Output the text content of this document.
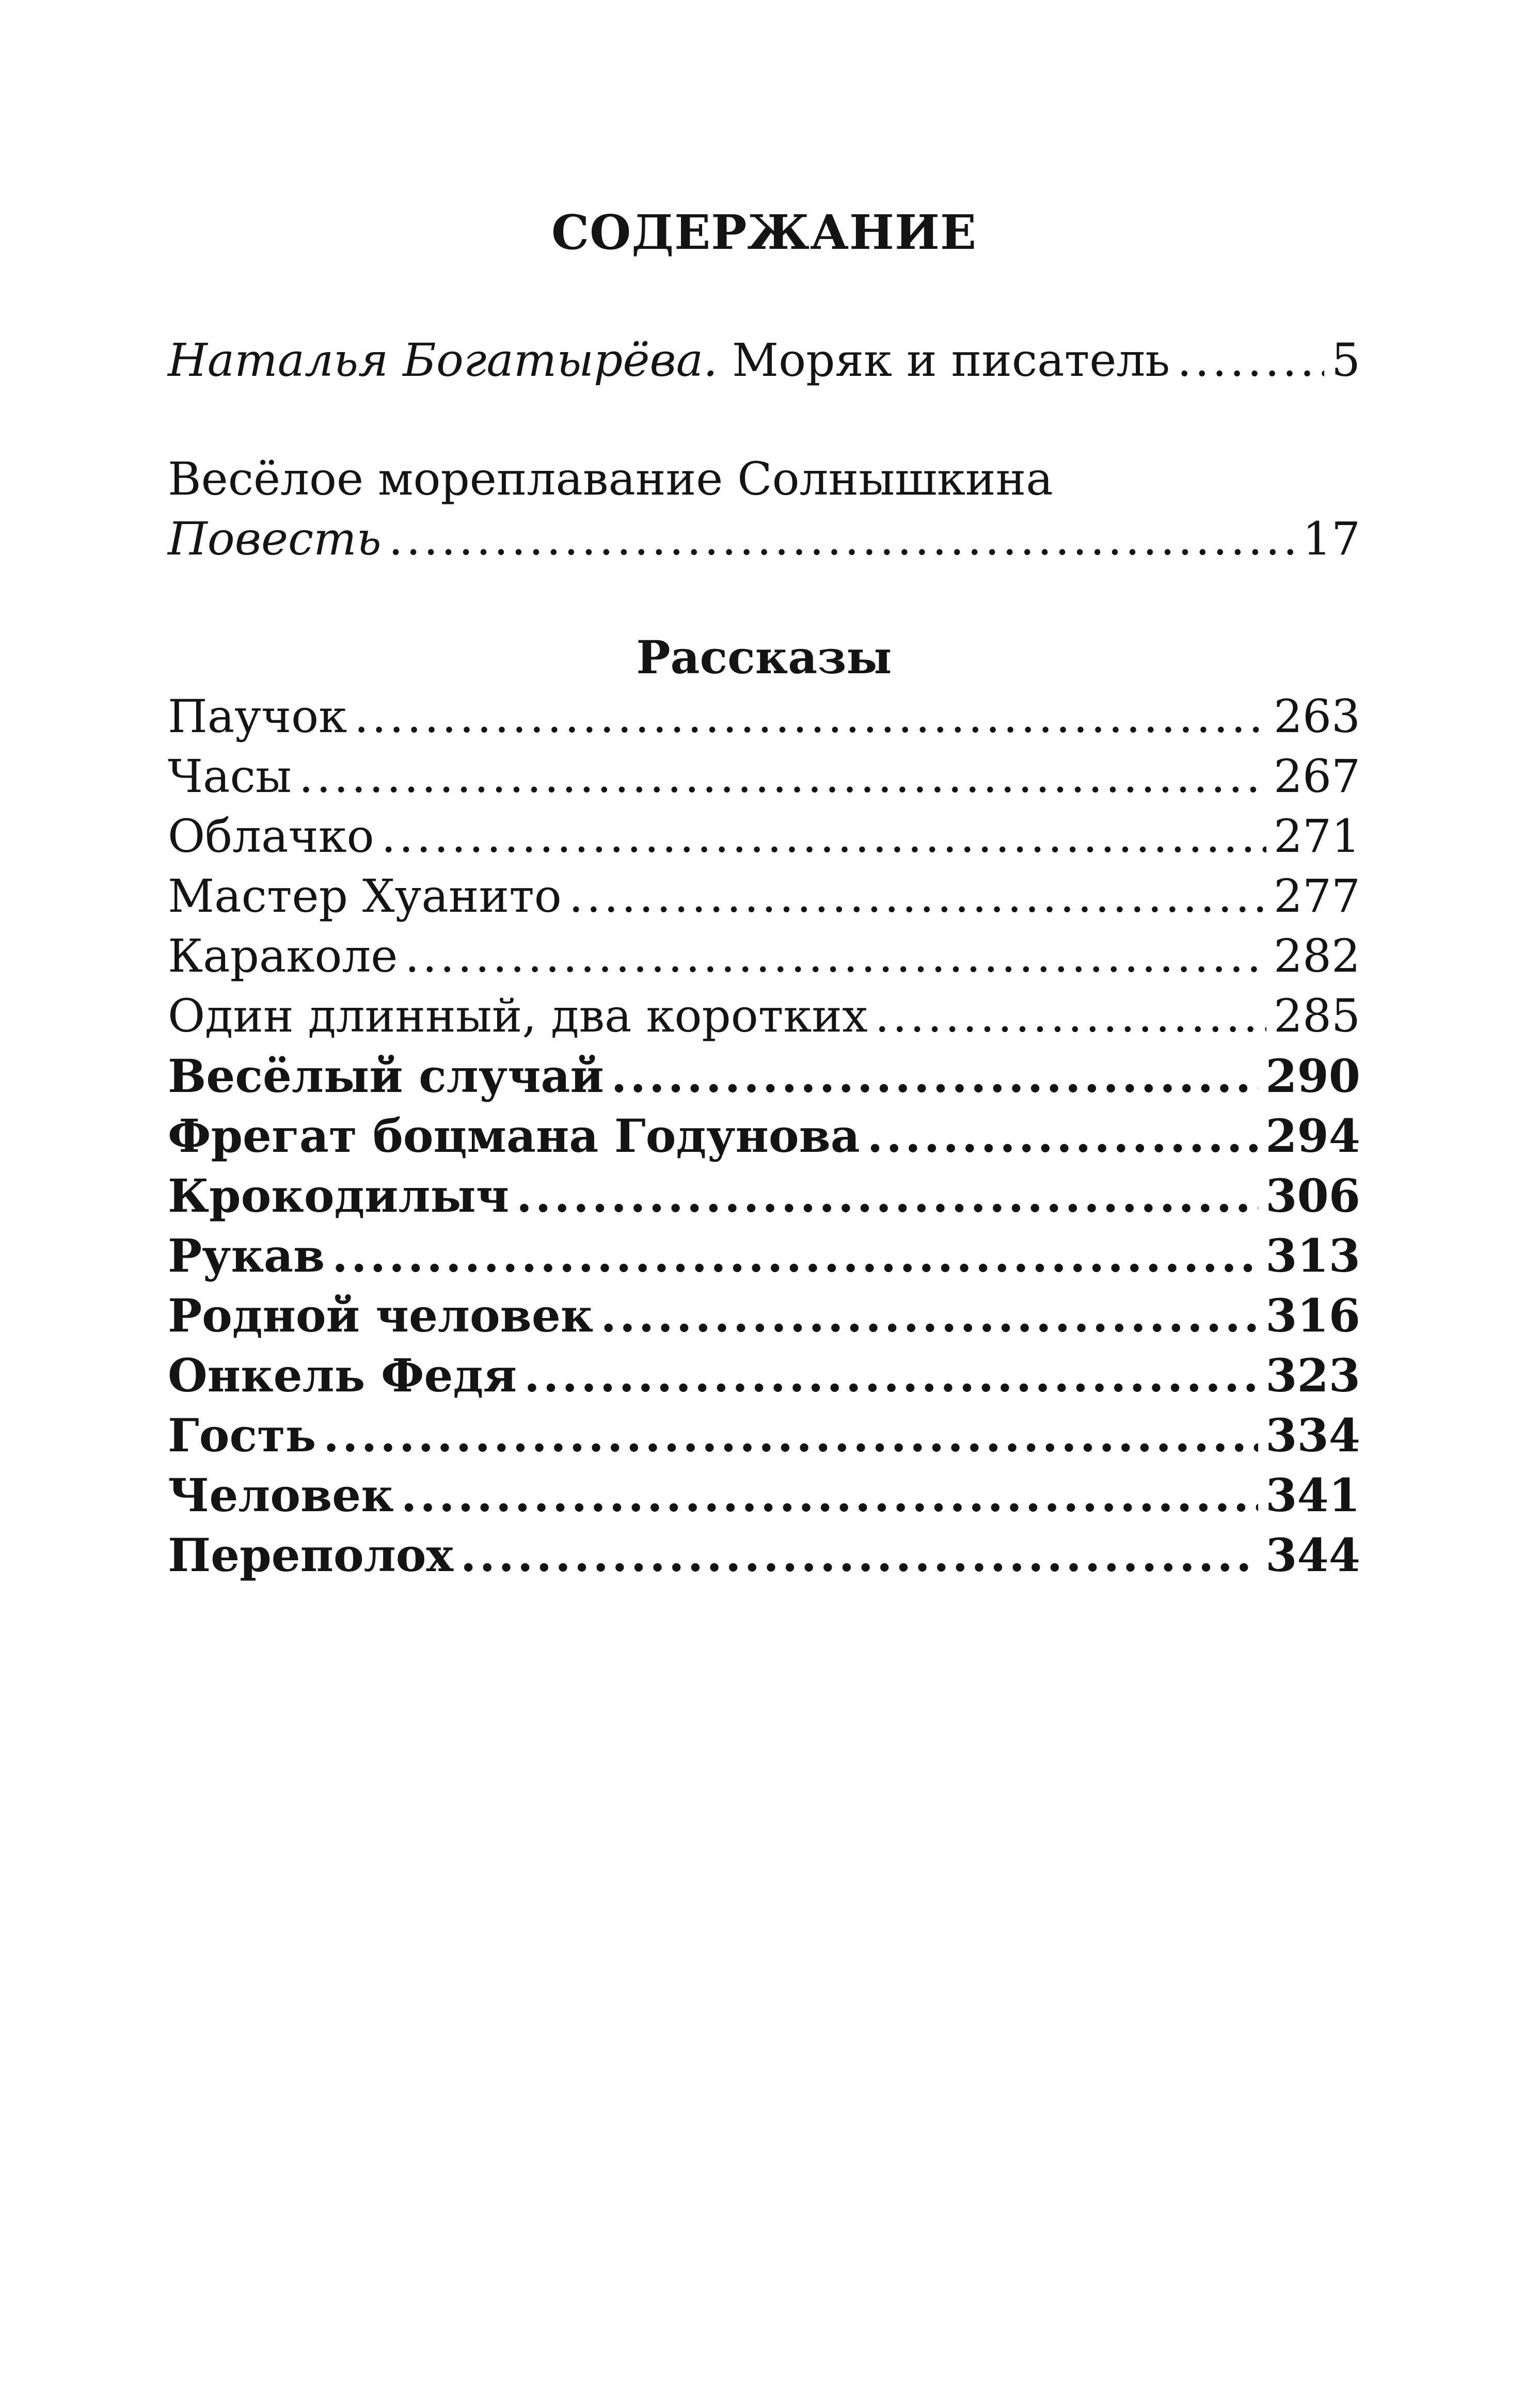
СОДЕРЖАНИЕ
Наталья Богатырёва. Моряк и писатель .....	5
Весёлое мореплавание Солнышкина
Повесть .....	17
Рассказы
Паучок .....	263
Часы .....	267
Облачко .....	271
Мастер Хуанито .....	277
Караколе .....	282
Один длинный, два коротких .....	285
Весёлый случай .....	290
Фрегат боцмана Годунова .....	294
Крокодилыч .....	306
Рукав .....	313
Родной человек .....	316
Онкель Федя .....	323
Гость .....	334
Человек .....	341
Переполох .....	344
